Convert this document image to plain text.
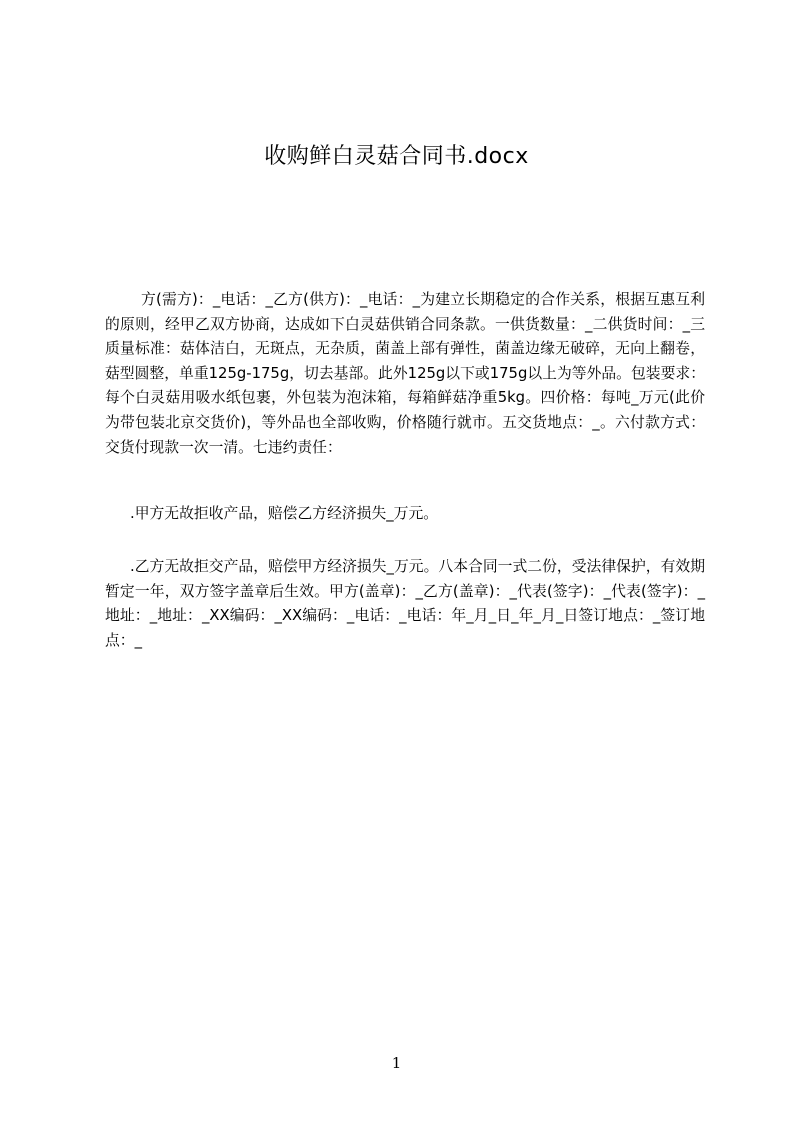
收购鲜白灵菇合同书.docx
方(需方)：_电话：_乙方(供方)：_电话：_为建立长期稳定的合作关系，根据互惠互利的原则，经甲乙双方协商，达成如下白灵菇供销合同条款。一供货数量：_二供货时间：_三质量标准：菇体洁白，无斑点，无杂质，菌盖上部有弹性，菌盖边缘无破碎，无向上翻卷，菇型圆整，单重125g-175g，切去基部。此外125g以下或175g以上为等外品。包装要求：每个白灵菇用吸水纸包裹，外包装为泡沫箱，每箱鲜菇净重5kg。四价格：每吨_万元(此价为带包装北京交货价)，等外品也全部收购，价格随行就市。五交货地点：_。六付款方式：交货付现款一次一清。七违约责任：
.甲方无故拒收产品，赔偿乙方经济损失_万元。
.乙方无故拒交产品，赔偿甲方经济损失_万元。八本合同一式二份，受法律保护，有效期暂定一年，双方签字盖章后生效。甲方(盖章)：_乙方(盖章)：_代表(签字)：_代表(签字)：_地址：_地址：_XX编码：_XX编码：_电话：_电话：年_月_日_年_月_日签订地点：_签订地点：_
1
